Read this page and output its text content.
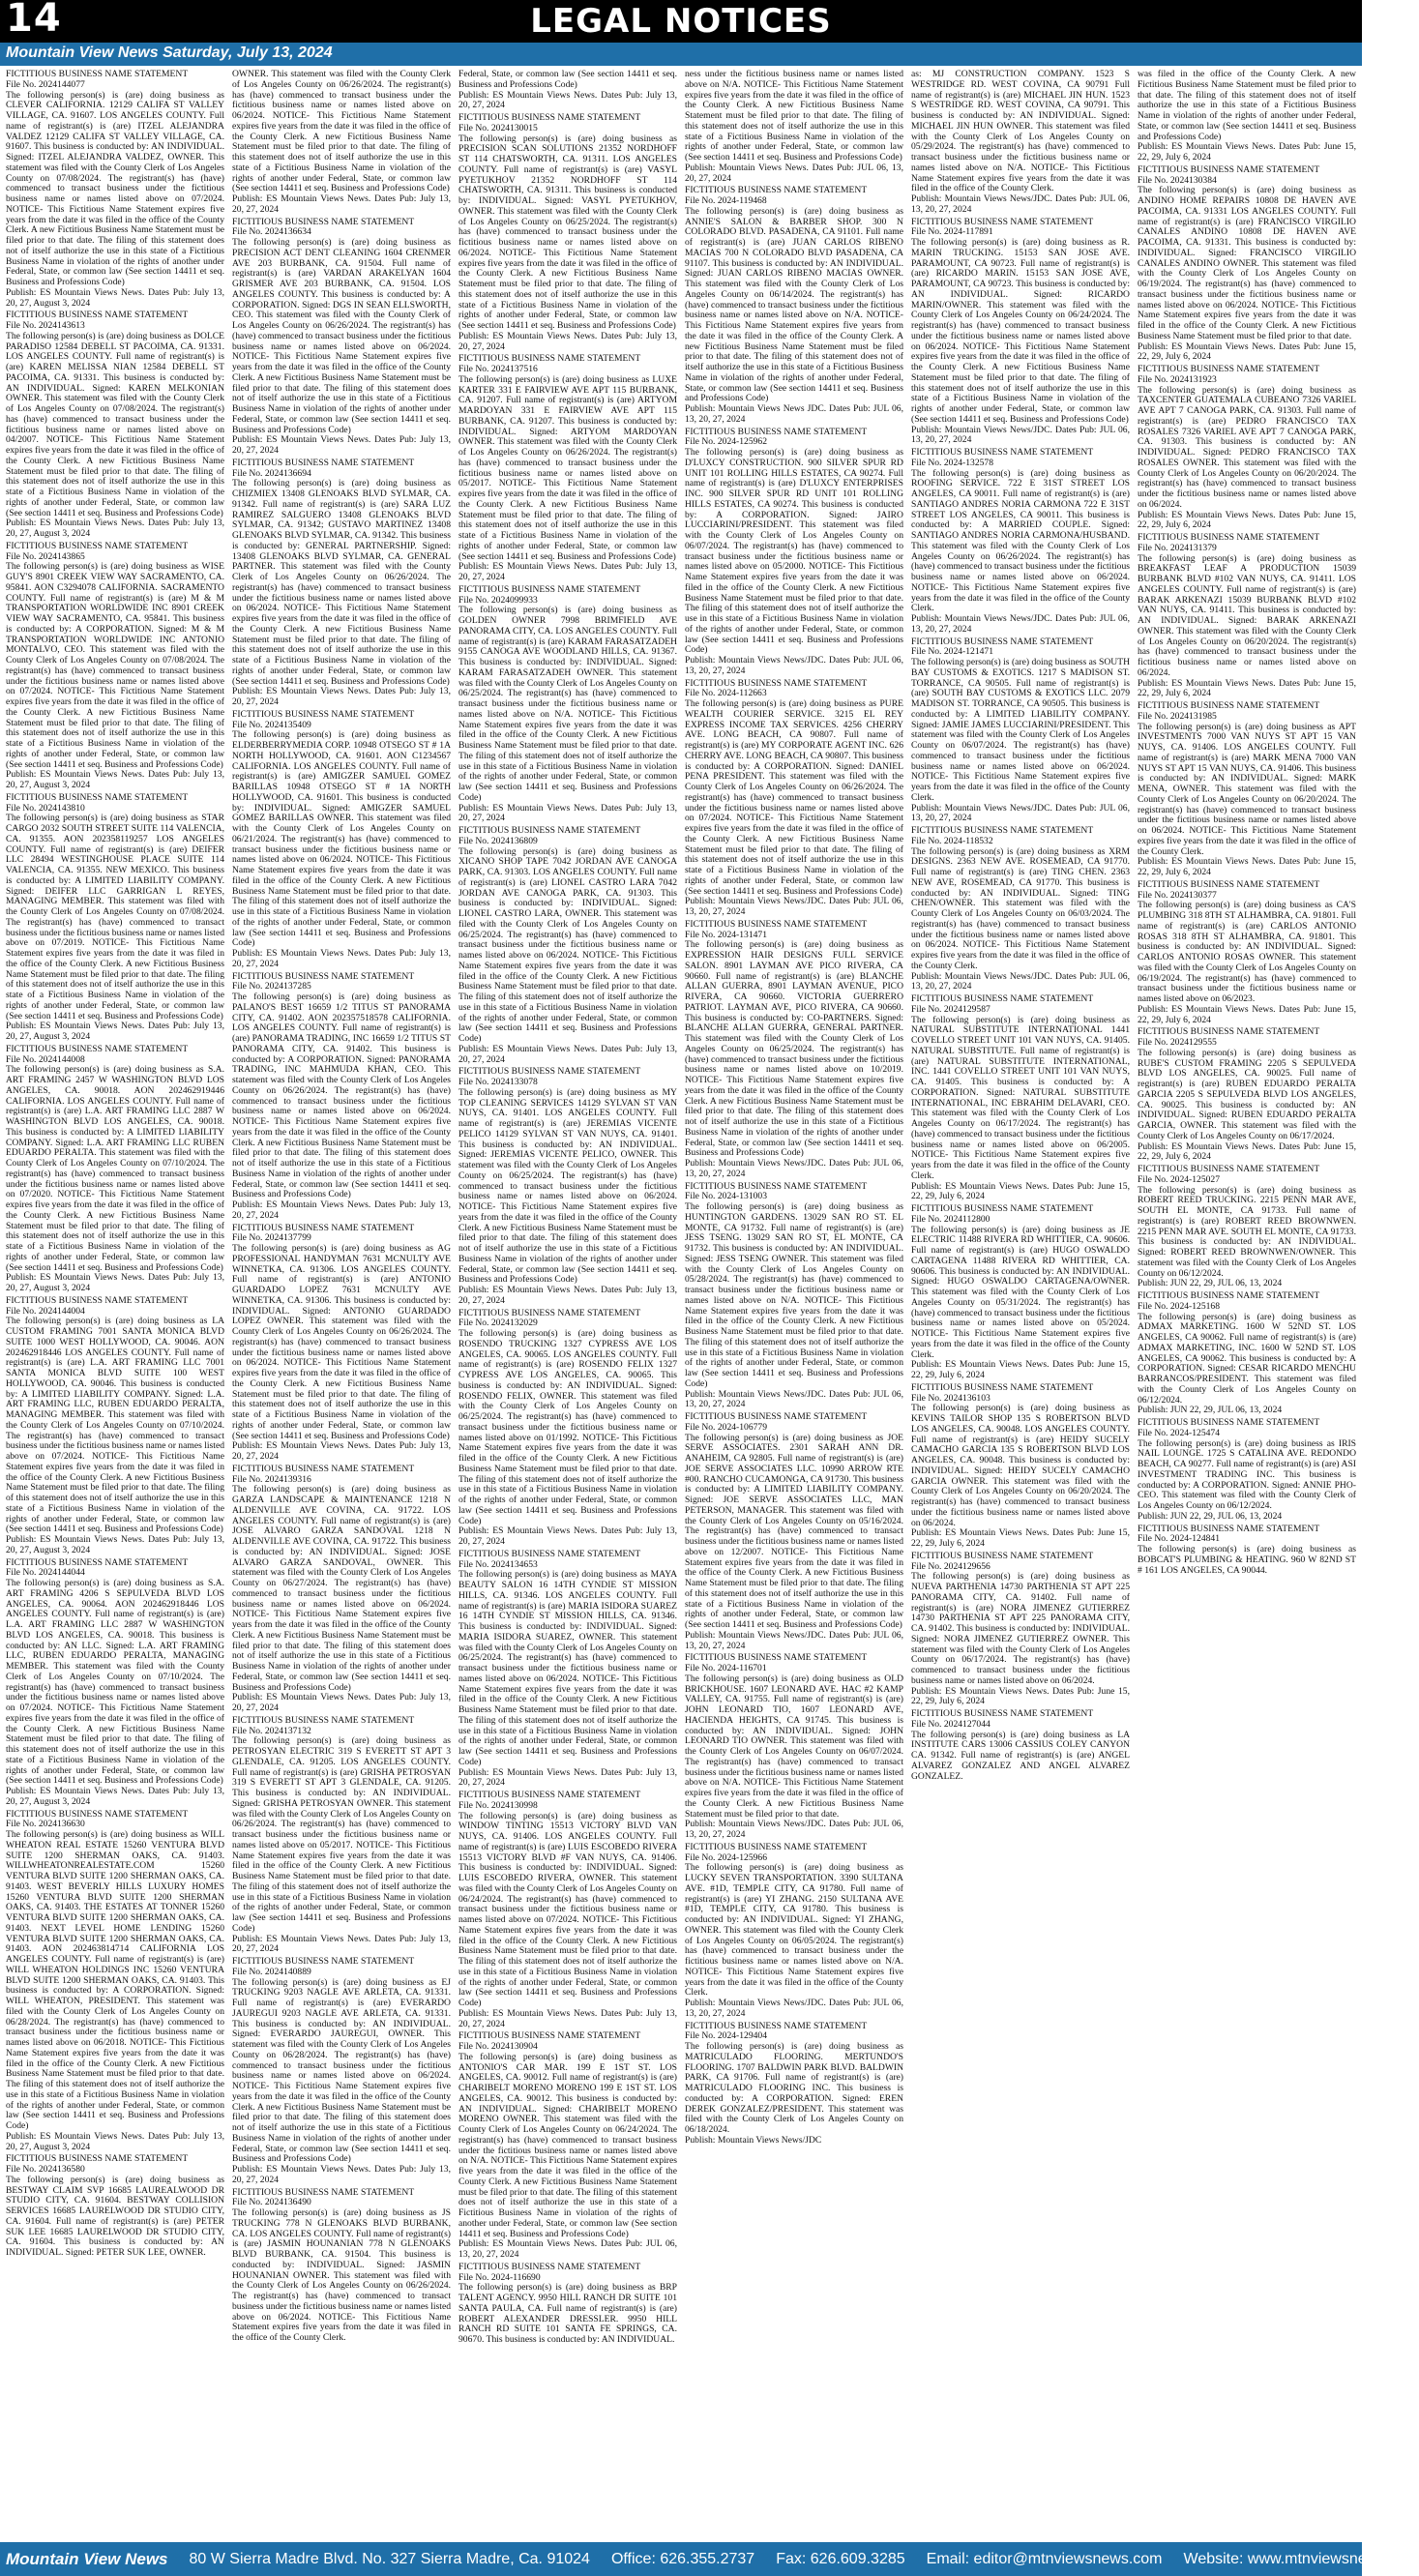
14	LEGAL NOTICES
Mountain View News Saturday, July 13, 2024

FICTITIOUS BUSINESS NAME STATEMENT

File No. 2024144077

The following person(s) is (are) doing business as CLEVER CALIFORNIA. 12129 CALIFA ST VALLEY VILLAGE, CA. 91607. LOS ANGELES COUNTY. Full name of registrant(s) is (are) ITZEL ALEJANDRA VALDEZ 12129 CALIFA ST VALLEY VILLAGE, CA. 91607. This business is conducted by: AN INDIVIDUAL. Signed: ITZEL ALEJANDRA VALDEZ, OWNER. This statement was filed with the County Clerk of Los Angeles County on 07/08/2024. The registrant(s) has (have) commenced to transact business under the fictitious business name or names listed above on 07/2024. NOTICE- This Fictitious Name Statement expires five years from the date it was filed in the office of the County Clerk. A new Fictitious Business Name Statement must be filed prior to that date. The filing of this statement does not of itself authorize the use in this state of a Fictitious Business Name in violation of the rights of another under Federal, State, or common law (See section 14411 et seq. Business and Professions Code)

Publish: ES Mountain Views News. Dates Pub: July 13, 20, 27, August 3, 2024

FICTITIOUS BUSINESS NAME STATEMENT

File No. 2024143613

The following person(s) is (are) doing business as DOLCE PARADISO 12584 DEBELL ST PACOIMA, CA. 91331. LOS ANGELES COUNTY. Full name of registrant(s) is (are) KAREN MELISSA NIAN 12584 DEBELL ST PACOIMA, CA. 91331. This business is conducted by: AN INDIVIDUAL. Signed: KAREN MELKONIAN OWNER. This statement was filed with the County Clerk of Los Angeles County on 07/08/2024. The registrant(s) has (have) commenced to transact business under the fictitious business name or names listed above on 04/2007. NOTICE- This Fictitious Name Statement expires five years from the date it was filed in the office of the County Clerk. A new Fictitious Business Name Statement must be filed prior to that date. The filing of this statement does not of itself authorize the use in this state of a Fictitious Business Name in violation of the rights of another under Federal, State, or common law (See section 14411 et seq. Business and Professions Code)

Publish: ES Mountain Views News. Dates Pub: July 13, 20, 27, August 3, 2024

FICTITIOUS BUSINESS NAME STATEMENT

File No. 2024143865

The following person(s) is (are) doing business as WISE GUY'S 8901 CREEK VIEW WAY SACRAMENTO, CA. 95841. AON C3294078 CALIFORNIA. SACRAMENTO COUNTY. Full name of registrant(s) is (are) M & M TRANSPORTATION WORLDWIDE INC 8901 CREEK VIEW WAY SACRAMENTO, CA. 95841. This business is conducted by: A CORPORATION. Signed: M & M TRANSPORTATION WORLDWIDE INC ANTONIO MONTALVO, CEO. This statement was filed with the County Clerk of Los Angeles County on 07/08/2024. The registrant(s) has (have) commenced to transact business under the fictitious business name or names listed above on 07/2024. NOTICE- This Fictitious Name Statement expires five years from the date it was filed in the office of the County Clerk. A new Fictitious Business Name Statement must be filed prior to that date. The filing of this statement does not of itself authorize the use in this state of a Fictitious Business Name in violation of the rights of another under Federal, State, or common law (See section 14411 et seq. Business and Professions Code)

Publish: ES Mountain Views News. Dates Pub: July 13, 20, 27, August 3, 2024

FICTITIOUS BUSINESS NAME STATEMENT

File No. 2024143810

The following person(s) is (are) doing business as STAR CARGO 2032 SOUTH STREET SUITE 114 VALENCIA, CA. 91355. AON 202358119257 LOS ANGELES COUNTY. Full name of registrant(s) is (are) DEIFER LLC 28494 WESTINGHOUSE PLACE SUITE 114 VALENCIA, CA. 91355. NEW MEXICO. This business is conducted by: A LIMITED LIABILITY COMPANY. Signed: DEIFER LLC GARRIGAN L REYES, MANAGING MEMBER. This statement was filed with the County Clerk of Los Angeles County on 07/08/2024. The registrant(s) has (have) commenced to transact business under the fictitious business name or names listed above on 07/2019. NOTICE- This Fictitious Name Statement expires five years from the date it was filed in the office of the County Clerk. A new Fictitious Business Name Statement must be filed prior to that date. The filing of this statement does not of itself authorize the use in this state of a Fictitious Business Name in violation of the rights of another under Federal, State, or common law (See section 14411 et seq. Business and Professions Code)

Publish: ES Mountain Views News. Dates Pub: July 13, 20, 27, August 3, 2024

FICTITIOUS BUSINESS NAME STATEMENT

File No. 2024144008

The following person(s) is (are) doing business as S.A. ART FRAMING 2457 W WASHINGTON BLVD LOS ANGELES, CA. 90018. AON 202462919446 CALIFORNIA. LOS ANGELES COUNTY. Full name of registrant(s) is (are) L.A. ART FRAMING LLC 2887 W WASHINGTON BLVD LOS ANGELES, CA. 90018. This business is conducted by: A LIMITED LIABILITY COMPANY. Signed: L.A. ART FRAMING LLC RUBEN EDUARDO PERALTA. This statement was filed with the County Clerk of Los Angeles County on 07/10/2024. The registrant(s) has (have) commenced to transact business under the fictitious business name or names listed above on 07/2020. NOTICE- This Fictitious Name Statement expires five years from the date it was filed in the office of the County Clerk. A new Fictitious Business Name Statement must be filed prior to that date. The filing of this statement does not of itself authorize the use in this state of a Fictitious Business Name in violation of the rights of another under Federal, State, or common law (See section 14411 et seq. Business and Professions Code)

Publish: ES Mountain Views News. Dates Pub: July 13, 20, 27, August 3, 2024

FICTITIOUS BUSINESS NAME STATEMENT

File No. 2024144004

The following person(s) is (are) doing business as LA CUSTOM FRAMING 7001 SANTA MONICA BLVD SUITE 1000 WEST HOLLYWOOD, CA. 90046. AON 202462918446 LOS ANGELES COUNTY. Full name of registrant(s) is (are) L.A. ART FRAMING LLC 7001 SANTA MONICA BLVD SUITE 100 WEST HOLLYWOOD, CA. 90046. This business is conducted by: A LIMITED LIABILITY COMPANY. Signed: L.A. ART FRAMING LLC, RUBEN EDUARDO PERALTA, MANAGING MEMBER. This statement was filed with the County Clerk of Los Angeles County on 07/10/2024. The registrant(s) has (have) commenced to transact business under the fictitious business name or names listed above on 07/2024. NOTICE- This Fictitious Name Statement expires five years from the date it was filed in the office of the County Clerk. A new Fictitious Business Name Statement must be filed prior to that date. The filing of this statement does not of itself authorize the use in this state of a Fictitious Business Name in violation of the rights of another under Federal, State, or common law (See section 14411 et seq. Business and Professions Code)

Publish: ES Mountain Views News. Dates Pub: July 13, 20, 27, August 3, 2024

FICTITIOUS BUSINESS NAME STATEMENT

File No. 2024144044

The following person(s) is (are) doing business as S.A. ART FRAMING 4206 S SEPULVEDA BLVD LOS ANGELES, CA. 90064. AON 202462918446 LOS ANGELES COUNTY. Full name of registrant(s) is (are) L.A. ART FRAMING LLC 2887 W WASHINGTON BLVD LOS ANGELES, CA. 90018. This business is conducted by: AN LLC. Signed: L.A. ART FRAMING LLC, RUBEN EDUARDO PERALTA, MANAGING MEMBER. This statement was filed with the County Clerk of Los Angeles County on 07/10/2024. The registrant(s) has (have) commenced to transact business under the fictitious business name or names listed above on 07/2024. NOTICE- This Fictitious Name Statement expires five years from the date it was filed in the office of the County Clerk. A new Fictitious Business Name Statement must be filed prior to that date. The filing of this statement does not of itself authorize the use in this state of a Fictitious Business Name in violation of the rights of another under Federal, State, or common law (See section 14411 et seq. Business and Professions Code)

Publish: ES Mountain Views News. Dates Pub: July 13, 20, 27, August 3, 2024

FICTITIOUS BUSINESS NAME STATEMENT

File No. 2024136630

The following person(s) is (are) doing business as WILL WHEATON REAL ESTATE 15260 VENTURA BLVD SUITE 1200 SHERMAN OAKS, CA. 91403. WILLWHEATONREALESTATE.COM 15260 VENTURA BLVD SUITE 1200 SHERMAN OAKS, CA. 91403. WEST BEVERLY HILLS LUXURY HOMES 15260 VENTURA BLVD SUITE 1200 SHERMAN OAKS, CA. 91403. THE ESTATES AT TONNER 15260 VENTURA BLVD SUITE 1200 SHERMAN OAKS, CA. 91403. NEXT LEVEL HOME LENDING 15260 VENTURA BLVD SUITE 1200 SHERMAN OAKS, CA. 91403. AON 202463814714 CALIFORNIA LOS ANGELES COUNTY. Full name of registrant(s) is (are) WILL WHEATON HOLDINGS INC 15260 VENTURA BLVD SUITE 1200 SHERMAN OAKS, CA. 91403. This business is conducted by: A CORPORATION. Signed: WILL WHEATON, PRESIDENT. This statement was filed with the County Clerk of Los Angeles County on 06/28/2024. The registrant(s) has (have) commenced to transact business under the fictitious business name or names listed above on 06/2018. NOTICE- This Fictitious Name Statement expires five years from the date it was filed in the office of the County Clerk. A new Fictitious Business Name Statement must be filed prior to that date. The filing of this statement does not of itself authorize the use in this state of a Fictitious Business Name in violation of the rights of another under Federal, State, or common law (See section 14411 et seq. Business and Professions Code)

Publish: ES Mountain Views News. Dates Pub: July 13, 20, 27, August 3, 2024

FICTITIOUS BUSINESS NAME STATEMENT

File No. 2024136580

The following person(s) is (are) doing business as BESTWAY CLAIM SVP 16685 LAUREALWOOD DR STUDIO CITY, CA. 91604. BESTWAY COLLISION SERVICES 16685 LAURELWOOD DR STUDIO CITY, CA. 91604. Full name of registrant(s) is (are) PETER SUK LEE 16685 LAURELWOOD DR STUDIO CITY, CA. 91604. This business is conducted by: AN INDIVIDUAL. Signed: PETER SUK LEE, OWNER.

OWNER. This statement was filed with the County Clerk of Los Angeles County on 06/26/2024. The registrant(s) has (have) commenced to transact business under the fictitious business name or names listed above on 06/2024. NOTICE- This Fictitious Name Statement expires five years from the date it was filed in the office of the County Clerk. A new Fictitious Business Name Statement must be filed prior to that date. The filing of this statement does not of itself authorize the use in this state of a Fictitious Business Name in violation of the rights of another under Federal, State, or common law (See section 14411 et seq. Business and Professions Code)

Publish: ES Mountain Views News. Dates Pub: July 13, 20, 27, 2024

FICTITIOUS BUSINESS NAME STATEMENT

File No. 2024136634

The following person(s) is (are) doing business as PRECISION ACT DENT CLEANING 1604 CRENMER AVE 203 BURBANK, CA. 91504. Full name of registrant(s) is (are) VARDAN ARAKELYAN 1604 GRISMER AVE 203 BURBANK, CA. 91504. LOS ANGELES COUNTY. This business is conducted by: A CORPORATION. Signed: DGS IN SEAN ELLSWORTH, CEO. This statement was filed with the County Clerk of Los Angeles County on 06/26/2024. The registrant(s) has (have) commenced to transact business under the fictitious business name or names listed above on 06/2024. NOTICE- This Fictitious Name Statement expires five years from the date it was filed in the office of the County Clerk. A new Fictitious Business Name Statement must be filed prior to that date. The filing of this statement does not of itself authorize the use in this state of a Fictitious Business Name in violation of the rights of another under Federal, State, or common law (See section 14411 et seq. Business and Professions Code)

Publish: ES Mountain Views News. Dates Pub: July 13, 20, 27, 2024

FICTITIOUS BUSINESS NAME STATEMENT

File No. 2024136694

The following person(s) is (are) doing business as CHIZMIEX 13408 GLENOAKS BLVD SYLMAR, CA. 91342. Full name of registrant(s) is (are) SARA LUZ RAMIREZ SALGUERO 13408 GLENOAKS BLVD SYLMAR, CA. 91342; GUSTAVO MARTINEZ 13408 GLENOAKS BLVD SYLMAR, CA. 91342. This business is conducted by: GENERAL PARTNERSHIP. Signed: 13408 GLENOAKS BLVD SYLMAR, CA. GENERAL PARTNER. This statement was filed with the County Clerk of Los Angeles County on 06/26/2024. The registrant(s) has (have) commenced to transact business under the fictitious business name or names listed above on 06/2024. NOTICE- This Fictitious Name Statement expires five years from the date it was filed in the office of the County Clerk. A new Fictitious Business Name Statement must be filed prior to that date. The filing of this statement does not of itself authorize the use in this state of a Fictitious Business Name in violation of the rights of another under Federal, State, or common law (See section 14411 et seq. Business and Professions Code)

Publish: ES Mountain Views News. Dates Pub: July 13, 20, 27, 2024

FICTITIOUS BUSINESS NAME STATEMENT

File No. 2024135409

The following person(s) is (are) doing business as ELDERBERRYMEDIA CORP. 10948 OTSEGO ST # 1A NORTH HOLLYWOOD, CA. 91601. AON C1234567 CALIFORNIA. LOS ANGELES COUNTY. Full name of registrant(s) is (are) AMIGZER SAMUEL GOMEZ BARILLAS 10948 OTSEGO ST # 1A NORTH HOLLYWOOD, CA. 91601. This business is conducted by: INDIVIDUAL. Signed: AMIGZER SAMUEL GOMEZ BARILLAS OWNER. This statement was filed with the County Clerk of Los Angeles County on 06/21/2024. The registrant(s) has (have) commenced to transact business under the fictitious business name or names listed above on 06/2024. NOTICE- This Fictitious Name Statement expires five years from the date it was filed in the office of the County Clerk. A new Fictitious Business Name Statement must be filed prior to that date. The filing of this statement does not of itself authorize the use in this state of a Fictitious Business Name in violation of the rights of another under Federal, State, or common law (See section 14411 et seq. Business and Professions Code)

Publish: ES Mountain Views News. Dates Pub: July 13, 20, 27, 2024

FICTITIOUS BUSINESS NAME STATEMENT

File No. 2024137285

The following person(s) is (are) doing business as PALANO'S BEST 16659 1/2 TITUS ST PANORAMA CITY, CA. 91402. AON 202357518578 CALIFORNIA. LOS ANGELES COUNTY. Full name of registrant(s) is (are) PANORAMA TRADING, INC 16659 1/2 TITUS ST PANORAMA CITY, CA. 91402. This business is conducted by: A CORPORATION. Signed: PANORAMA TRADING, INC MAHMUDA KHAN, CEO. This statement was filed with the County Clerk of Los Angeles County on 06/26/2024. The registrant(s) has (have) commenced to transact business under the fictitious business name or names listed above on 06/2024. NOTICE- This Fictitious Name Statement expires five years from the date it was filed in the office of the County Clerk. A new Fictitious Business Name Statement must be filed prior to that date. The filing of this statement does not of itself authorize the use in this state of a Fictitious Business Name in violation of the rights of another under Federal, State, or common law (See section 14411 et seq. Business and Professions Code)

Publish: ES Mountain Views News. Dates Pub: July 13, 20, 27, 2024

FICTITIOUS BUSINESS NAME STATEMENT

File No. 2024137799

The following person(s) is (are) doing business as AG PROFESSIONAL HANDYMAN 7631 MCNULTY AVE WINNETKA, CA. 91306. LOS ANGELES COUNTY. Full name of registrant(s) is (are) ANTONIO GUARDADO LOPEZ 7631 MCNULTY AVE WINNETKA, CA. 91306. This business is conducted by: INDIVIDUAL. Signed: ANTONIO GUARDADO LOPEZ OWNER. This statement was filed with the County Clerk of Los Angeles County on 06/26/2024. The registrant(s) has (have) commenced to transact business under the fictitious business name or names listed above on 06/2024. NOTICE- This Fictitious Name Statement expires five years from the date it was filed in the office of the County Clerk. A new Fictitious Business Name Statement must be filed prior to that date. The filing of this statement does not of itself authorize the use in this state of a Fictitious Business Name in violation of the rights of another under Federal, State, or common law (See section 14411 et seq. Business and Professions Code)

Publish: ES Mountain Views News. Dates Pub: July 13, 20, 27, 2024

FICTITIOUS BUSINESS NAME STATEMENT

File No. 2024139316

The following person(s) is (are) doing business as GARZA LANDSCAPE & MAINTENANCE 1218 N ALDENVILLE AVE COVINA, CA. 91722. LOS ANGELES COUNTY. Full name of registrant(s) is (are) JOSE ALVARO GARZA SANDOVAL 1218 N ALDENVILLE AVE COVINA, CA. 91722. This business is conducted by: AN INDIVIDUAL. Signed: JOSE ALVARO GARZA SANDOVAL, OWNER. This statement was filed with the County Clerk of Los Angeles County on 06/27/2024. The registrant(s) has (have) commenced to transact business under the fictitious business name or names listed above on 06/2024. NOTICE- This Fictitious Name Statement expires five years from the date it was filed in the office of the County Clerk. A new Fictitious Business Name Statement must be filed prior to that date. The filing of this statement does not of itself authorize the use in this state of a Fictitious Business Name in violation of the rights of another under Federal, State, or common law (See section 14411 et seq. Business and Professions Code)

Publish: ES Mountain Views News. Dates Pub: July 13, 20, 27, 2024

FICTITIOUS BUSINESS NAME STATEMENT

File No. 2024137132

The following person(s) is (are) doing business as PETROSYAN ELECTRIC 319 S EVERETT ST APT 3 GLENDALE, CA. 91205. LOS ANGELES COUNTY. Full name of registrant(s) is (are) GRISHA PETROSYAN 319 S EVERETT ST APT 3 GLENDALE, CA. 91205. This business is conducted by: AN INDIVIDUAL. Signed: GRISHA PETROSYAN OWNER. This statement was filed with the County Clerk of Los Angeles County on 06/26/2024. The registrant(s) has (have) commenced to transact business under the fictitious business name or names listed above on 05/2017. NOTICE- This Fictitious Name Statement expires five years from the date it was filed in the office of the County Clerk. A new Fictitious Business Name Statement must be filed prior to that date. The filing of this statement does not of itself authorize the use in this state of a Fictitious Business Name in violation of the rights of another under Federal, State, or common law (See section 14411 et seq. Business and Professions Code)

Publish: ES Mountain Views News. Dates Pub: July 13, 20, 27, 2024

FICTITIOUS BUSINESS NAME STATEMENT

File No. 2024140889

The following person(s) is (are) doing business as EJ TRUCKING 9203 NAGLE AVE ARLETA, CA. 91331. Full name of registrant(s) is (are) EVERARDO JAUREGUI 9203 NAGLE AVE ARLETA, CA. 91331. This business is conducted by: AN INDIVIDUAL. Signed: EVERARDO JAUREGUI, OWNER. This statement was filed with the County Clerk of Los Angeles County on 06/28/2024. The registrant(s) has (have) commenced to transact business under the fictitious business name or names listed above on 06/2024. NOTICE- This Fictitious Name Statement expires five years from the date it was filed in the office of the County Clerk. A new Fictitious Business Name Statement must be filed prior to that date. The filing of this statement does not of itself authorize the use in this state of a Fictitious Business Name in violation of the rights of another under Federal, State, or common law (See section 14411 et seq. Business and Professions Code)

Publish: ES Mountain Views News. Dates Pub: July 13, 20, 27, 2024

FICTITIOUS BUSINESS NAME STATEMENT

File No. 2024136490

The following person(s) is (are) doing business as JS TRUCKING 778 N GLENOAKS BLVD BURBANK, CA. LOS ANGELES COUNTY. Full name of registrant(s) is (are) JASMIN HOUNANIAN 778 N GLENOAKS BLVD BURBANK, CA. 91504. This business is conducted by: INDIVIDUAL. Signed: JASMIN HOUNANIAN OWNER. This statement was filed with the County Clerk of Los Angeles County on 06/26/2024. The registrant(s) has (have) commenced to transact business under the fictitious business name or names listed above on 06/2024. NOTICE- This Fictitious Name Statement expires five years from the date it was filed in the office of the County Clerk.

Federal, State, or common law (See section 14411 et seq. Business and Professions Code)

Publish: ES Mountain Views News. Dates Pub: July 13, 20, 27, 2024

FICTITIOUS BUSINESS NAME STATEMENT

File No. 2024130015

The following person(s) is (are) doing business as PRECISION SCAN SOLUTIONS 21352 NORDHOFF ST 114 CHATSWORTH, CA. 91311. LOS ANGELES COUNTY. Full name of registrant(s) is (are) VASYL PYETUKHOV 21352 NORDHOFF ST 114 CHATSWORTH, CA. 91311. This business is conducted by: INDIVIDUAL. Signed: VASYL PYETUKHOV, OWNER. This statement was filed with the County Clerk of Los Angeles County on 06/25/2024. The registrant(s) has (have) commenced to transact business under the fictitious business name or names listed above on 06/2024. NOTICE- This Fictitious Name Statement expires five years from the date it was filed in the office of the County Clerk. A new Fictitious Business Name Statement must be filed prior to that date. The filing of this statement does not of itself authorize the use in this state of a Fictitious Business Name in violation of the rights of another under Federal, State, or common law (See section 14411 et seq. Business and Professions Code)

Publish: ES Mountain Views News. Dates Pub: July 13, 20, 27, 2024

FICTITIOUS BUSINESS NAME STATEMENT

File No. 2024137516

The following person(s) is (are) doing business as LUXE KARTER 331 E FAIRVIEW AVE APT 115 BURBANK, CA. 91207. Full name of registrant(s) is (are) ARTYOM MARDOYAN 331 E FAIRVIEW AVE APT 115 BURBANK, CA. 91207. This business is conducted by: INDIVIDUAL. Signed: ARTYOM MARDOYAN OWNER. This statement was filed with the County Clerk of Los Angeles County on 06/26/2024. The registrant(s) has (have) commenced to transact business under the fictitious business name or names listed above on 05/2017. NOTICE- This Fictitious Name Statement expires five years from the date it was filed in the office of the County Clerk. A new Fictitious Business Name Statement must be filed prior to that date. The filing of this statement does not of itself authorize the use in this state of a Fictitious Business Name in violation of the rights of another under Federal, State, or common law (See section 14411 et seq. Business and Professions Code)

Publish: ES Mountain Views News. Dates Pub: July 13, 20, 27, 2024

FICTITIOUS BUSINESS NAME STATEMENT

File No. 2024099933

The following person(s) is (are) doing business as GOLDEN OWNER 7998 BRIMFIELD AVE PANORAMA CITY, CA. LOS ANGELES COUNTY. Full name of registrant(s) is (are) KARAM FARASATZADEH 9155 CANOGA AVE WOODLAND HILLS, CA. 91367. This business is conducted by: INDIVIDUAL. Signed: KARAM FARASATZADEH OWNER. This statement was filed with the County Clerk of Los Angeles County on 06/25/2024. The registrant(s) has (have) commenced to transact business under the fictitious business name or names listed above on N/A. NOTICE- This Fictitious Name Statement expires five years from the date it was filed in the office of the County Clerk. A new Fictitious Business Name Statement must be filed prior to that date. The filing of this statement does not of itself authorize the use in this state of a Fictitious Business Name in violation of the rights of another under Federal, State, or common law (See section 14411 et seq. Business and Professions Code)

Publish: ES Mountain Views News. Dates Pub: July 13, 20, 27, 2024

FICTITIOUS BUSINESS NAME STATEMENT

File No. 2024136809

The following person(s) is (are) doing business as XICANO SHOP TAPE 7042 JORDAN AVE CANOGA PARK, CA. 91303. LOS ANGELES COUNTY. Full name of registrant(s) is (are) LIONEL CASTRO LARA 7042 JORDAN AVE CANOGA PARK, CA. 91303. This business is conducted by: INDIVIDUAL. Signed: LIONEL CASTRO LARA, OWNER. This statement was filed with the County Clerk of Los Angeles County on 06/25/2024. The registrant(s) has (have) commenced to transact business under the fictitious business name or names listed above on 06/2024. NOTICE- This Fictitious Name Statement expires five years from the date it was filed in the office of the County Clerk. A new Fictitious Business Name Statement must be filed prior to that date. The filing of this statement does not of itself authorize the use in this state of a Fictitious Business Name in violation of the rights of another under Federal, State, or common law (See section 14411 et seq. Business and Professions Code)

Publish: ES Mountain Views News. Dates Pub: July 13, 20, 27, 2024

FICTITIOUS BUSINESS NAME STATEMENT

File No. 2024133078

The following person(s) is (are) doing business as MY TOP CLEANING SERVICES 14129 SYLVAN ST VAN NUYS, CA. 91401. LOS ANGELES COUNTY. Full name of registrant(s) is (are) JEREMIAS VICENTE PELICO 14129 SYLVAN ST VAN NUYS, CA. 91401. This business is conducted by: AN INDIVIDUAL. Signed: JEREMIAS VICENTE PELICO, OWNER. This statement was filed with the County Clerk of Los Angeles County on 06/25/2024. The registrant(s) has (have) commenced to transact business under the fictitious business name or names listed above on 06/2024. NOTICE- This Fictitious Name Statement expires five years from the date it was filed in the office of the County Clerk. A new Fictitious Business Name Statement must be filed prior to that date. The filing of this statement does not of itself authorize the use in this state of a Fictitious Business Name in violation of the rights of another under Federal, State, or common law (See section 14411 et seq. Business and Professions Code)

Publish: ES Mountain Views News. Dates Pub: July 13, 20, 27, 2024

FICTITIOUS BUSINESS NAME STATEMENT

File No. 2024132029

The following person(s) is (are) doing business as ROSENDO TRUCKING 1327 CYPRESS AVE LOS ANGELES, CA. 90065. LOS ANGELES COUNTY. Full name of registrant(s) is (are) ROSENDO FELIX 1327 CYPRESS AVE LOS ANGELES, CA. 90065. This business is conducted by: AN INDIVIDUAL. Signed: ROSENDO FELIX, OWNER. This statement was filed with the County Clerk of Los Angeles County on 06/25/2024. The registrant(s) has (have) commenced to transact business under the fictitious business name or names listed above on 01/1992. NOTICE- This Fictitious Name Statement expires five years from the date it was filed in the office of the County Clerk. A new Fictitious Business Name Statement must be filed prior to that date. The filing of this statement does not of itself authorize the use in this state of a Fictitious Business Name in violation of the rights of another under Federal, State, or common law (See section 14411 et seq. Business and Professions Code)

Publish: ES Mountain Views News. Dates Pub: July 13, 20, 27, 2024

FICTITIOUS BUSINESS NAME STATEMENT

File No. 2024134653

The following person(s) is (are) doing business as MAYA BEAUTY SALON 16 14TH CYNDIE ST MISSION HILLS, CA. 91346. LOS ANGELES COUNTY. Full name of registrant(s) is (are) MARIA ISIDORA SUAREZ 16 14TH CYNDIE ST MISSION HILLS, CA. 91346. This business is conducted by: INDIVIDUAL. Signed: MARIA ISIDORA SUAREZ, OWNER. This statement was filed with the County Clerk of Los Angeles County on 06/25/2024. The registrant(s) has (have) commenced to transact business under the fictitious business name or names listed above on 06/2024. NOTICE- This Fictitious Name Statement expires five years from the date it was filed in the office of the County Clerk. A new Fictitious Business Name Statement must be filed prior to that date. The filing of this statement does not of itself authorize the use in this state of a Fictitious Business Name in violation of the rights of another under Federal, State, or common law (See section 14411 et seq. Business and Professions Code)

Publish: ES Mountain Views News. Dates Pub: July 13, 20, 27, 2024

FICTITIOUS BUSINESS NAME STATEMENT

File No. 2024130998

The following person(s) is (are) doing business as WINDOW TINTING 15513 VICTORY BLVD VAN NUYS, CA. 91406. LOS ANGELES COUNTY. Full name of registrant(s) is (are) LUIS ESCOBEDO RIVERA 15513 VICTORY BLVD #F VAN NUYS, CA. 91406. This business is conducted by: INDIVIDUAL. Signed: LUIS ESCOBEDO RIVERA, OWNER. This statement was filed with the County Clerk of Los Angeles County on 06/24/2024. The registrant(s) has (have) commenced to transact business under the fictitious business name or names listed above on 07/2024. NOTICE- This Fictitious Name Statement expires five years from the date it was filed in the office of the County Clerk. A new Fictitious Business Name Statement must be filed prior to that date. The filing of this statement does not of itself authorize the use in this state of a Fictitious Business Name in violation of the rights of another under Federal, State, or common law (See section 14411 et seq. Business and Professions Code)

Publish: ES Mountain Views News. Dates Pub: July 13, 20, 27, 2024

FICTITIOUS BUSINESS NAME STATEMENT

File No. 2024130904

The following person(s) is (are) doing business as ANTONIO'S CAR MAR. 199 E 1ST ST. LOS ANGELES, CA. 90012. Full name of registrant(s) is (are) CHARIBELT MORENO MORENO 199 E 1ST ST. LOS ANGELES, CA. 90012. This business is conducted by: AN INDIVIDUAL. Signed: CHARIBELT MORENO MORENO OWNER. This statement was filed with the County Clerk of Los Angeles County on 06/24/2024. The registrant(s) has (have) commenced to transact business under the fictitious business name or names listed above on N/A. NOTICE- This Fictitious Name Statement expires five years from the date it was filed in the office of the County Clerk. A new Fictitious Business Name Statement must be filed prior to that date. The filing of this statement does not of itself authorize the use in this state of a Fictitious Business Name in violation of the rights of another under Federal, State, or common law (See section 14411 et seq. Business and Professions Code)

Publish: ES Mountain Views News. Dates Pub: JUL 06, 13, 20, 27, 2024

FICTITIOUS BUSINESS NAME STATEMENT

File No. 2024-116690

The following person(s) is (are) doing business as BRP TALENT AGENCY. 9950 HILL RANCH DR SUITE 101 SANTA PAULA, CA. Full name of registrant(s) is (are) ROBERT ALEXANDER DRESSLER. 9950 HILL RANCH RD SUITE 101 SANTA FE SPRINGS, CA. 90670. This business is conducted by: AN INDIVIDUAL.

ness under the fictitious business name or names listed above on N/A. NOTICE- This Fictitious Name Statement expires five years from the date it was filed in the office of the County Clerk. A new Fictitious Business Name Statement must be filed prior to that date. The filing of this statement does not of itself authorize the use in this state of a Fictitious Business Name in violation of the rights of another under Federal, State, or common law (See section 14411 et seq. Business and Professions Code)

Publish: Mountain Views News. Dates Pub: JUL 06, 13, 20, 27, 2024

FICTITIOUS BUSINESS NAME STATEMENT

File No. 2024-119468

The following person(s) is (are) doing business as ANNIE'S SALON & BARBER SHOP. 300 N COLORADO BLVD. PASADENA, CA 91101. Full name of registrant(s) is (are) JUAN CARLOS RIBENO MACIAS 700 N COLORADO BLVD PASADENA, CA 91107. This business is conducted by: AN INDIVIDUAL. Signed: JUAN CARLOS RIBENO MACIAS OWNER. This statement was filed with the County Clerk of Los Angeles County on 06/14/2024. The registrant(s) has (have) commenced to transact business under the fictitious business name or names listed above on N/A. NOTICE- This Fictitious Name Statement expires five years from the date it was filed in the office of the County Clerk. A new Fictitious Business Name Statement must be filed prior to that date. The filing of this statement does not of itself authorize the use in this state of a Fictitious Business Name in violation of the rights of another under Federal, State, or common law (See section 14411 et seq. Business and Professions Code)

Publish: Mountain Views News JDC. Dates Pub: JUL 06, 13, 20, 27, 2024

FICTITIOUS BUSINESS NAME STATEMENT

File No. 2024-125962

The following person(s) is (are) doing business as D'LUXCY CONSTRUCTION. 900 SILVER SPUR RD UNIT 101 ROLLING HILLS ESTATES, CA 90274. Full name of registrant(s) is (are) D'LUXCY ENTERPRISES INC. 900 SILVER SPUR RD UNIT 101 ROLLING HILLS ESTATES, CA 90274. This business is conducted by: A CORPORATION. Signed: JAIRO LUCCIARINI/PRESIDENT. This statement was filed with the County Clerk of Los Angeles County on 06/07/2024. The registrant(s) has (have) commenced to transact business under the fictitious business name or names listed above on 05/2000. NOTICE- This Fictitious Name Statement expires five years from the date it was filed in the office of the County Clerk. A new Fictitious Business Name Statement must be filed prior to that date. The filing of this statement does not of itself authorize the use in this state of a Fictitious Business Name in violation of the rights of another under Federal, State, or common law (See section 14411 et seq. Business and Professions Code)

Publish: Mountain Views News/JDC. Dates Pub: JUL 06, 13, 20, 27, 2024

FICTITIOUS BUSINESS NAME STATEMENT

File No. 2024-112663

The following person(s) is (are) doing business as PURE WEALTH COURIER SERVICE. 3215 EL REY EXPRESS INCOME TAX SERVICES. 4256 CHERRY AVE. LONG BEACH, CA 90807. Full name of registrant(s) is (are) MY CORPORATE AGENT INC. 626 CHERRY AVE. LONG BEACH, CA 90807. This business is conducted by: A CORPORATION. Signed: DANIEL PENA PRESIDENT. This statement was filed with the County Clerk of Los Angeles County on 06/26/2024. The registrant(s) has (have) commenced to transact business under the fictitious business name or names listed above on 07/2024. NOTICE- This Fictitious Name Statement expires five years from the date it was filed in the office of the County Clerk. A new Fictitious Business Name Statement must be filed prior to that date. The filing of this statement does not of itself authorize the use in this state of a Fictitious Business Name in violation of the rights of another under Federal, State, or common law (See section 14411 et seq. Business and Professions Code)

Publish: Mountain Views News/JDC. Dates Pub: JUL 06, 13, 20, 27, 2024

FICTITIOUS BUSINESS NAME STATEMENT

File No. 2024-131471

The following person(s) is (are) doing business as EXPRESSION HAIR DESIGNS FULL SERVICE SALON. 8901 LAYMAN AVE PICO RIVERA, CA 90660. Full name of registrant(s) is (are) BLANCHE ALLAN GUERRA, 8901 LAYMAN AVENUE, PICO RIVERA, CA 90660. VICTORIA GUERRERO PATRIOT. LAYMAN AVE, PICO RIVERA, CA 90660. This business is conducted by: CO-PARTNERS. Signed: BLANCHE ALLAN GUERRA, GENERAL PARTNER. This statement was filed with the County Clerk of Los Angeles County on 06/25/2024. The registrant(s) has (have) commenced to transact business under the fictitious business name or names listed above on 10/2019. NOTICE- This Fictitious Name Statement expires five years from the date it was filed in the office of the County Clerk. A new Fictitious Business Name Statement must be filed prior to that date. The filing of this statement does not of itself authorize the use in this state of a Fictitious Business Name in violation of the rights of another under Federal, State, or common law (See section 14411 et seq. Business and Professions Code)

Publish: Mountain Views News/JDC. Dates Pub: JUL 06, 13, 20, 27, 2024

FICTITIOUS BUSINESS NAME STATEMENT

File No. 2024-131003

The following person(s) is (are) doing business as HUNTINGTON GARDENS. 13029 SAN RO ST. EL MONTE, CA 91732. Full name of registrant(s) is (are) JESS TSENG. 13029 SAN RO ST, EL MONTE, CA 91732. This business is conducted by: AN INDIVIDUAL. Signed: JESS TSENG OWNER. This statement was filed with the County Clerk of Los Angeles County on 05/28/2024. The registrant(s) has (have) commenced to transact business under the fictitious business name or names listed above on N/A. NOTICE- This Fictitious Name Statement expires five years from the date it was filed in the office of the County Clerk. A new Fictitious Business Name Statement must be filed prior to that date. The filing of this statement does not of itself authorize the use in this state of a Fictitious Business Name in violation of the rights of another under Federal, State, or common law (See section 14411 et seq. Business and Professions Code)

Publish: Mountain Views News/JDC. Dates Pub: JUL 06, 13, 20, 27, 2024

FICTITIOUS BUSINESS NAME STATEMENT

File No. 2024-106779

The following person(s) is (are) doing business as JOE SERVE ASSOCIATES. 2301 SARAH ANN DR. ANAHEIM, CA 92805. Full name of registrant(s) is (are) JOE SERVE ASSOCIATES LLC. 10990 ARROW RTE #00. RANCHO CUCAMONGA, CA 91730. This business is conducted by: A LIMITED LIABILITY COMPANY. Signed: JOE SERVE ASSOCIATES LLC, MAN PETERSON, MANAGER. This statement was filed with the County Clerk of Los Angeles County on 05/16/2024. The registrant(s) has (have) commenced to transact business under the fictitious business name or names listed above on 12/2007. NOTICE- This Fictitious Name Statement expires five years from the date it was filed in the office of the County Clerk. A new Fictitious Business Name Statement must be filed prior to that date. The filing of this statement does not of itself authorize the use in this state of a Fictitious Business Name in violation of the rights of another under Federal, State, or common law (See section 14411 et seq. Business and Professions Code)

Publish: Mountain Views News/JDC. Dates Pub: JUL 06, 13, 20, 27, 2024

FICTITIOUS BUSINESS NAME STATEMENT

File No. 2024-116701

The following person(s) is (are) doing business as OLD BRICKHOUSE. 1607 LEONARD AVE. HAC #2 KAMP VALLEY, CA. 91755. Full name of registrant(s) is (are) JOHN LEONARD TIO, 1607 LEONARD AVE, HACIENDA HEIGHTS, CA 91745. This business is conducted by: AN INDIVIDUAL. Signed: JOHN LEONARD TIO OWNER. This statement was filed with the County Clerk of Los Angeles County on 06/07/2024. The registrant(s) has (have) commenced to transact business under the fictitious business name or names listed above on N/A. NOTICE- This Fictitious Name Statement expires five years from the date it was filed in the office of the County Clerk. A new Fictitious Business Name Statement must be filed prior to that date.

Publish: Mountain Views News/JDC. Dates Pub: JUL 06, 13, 20, 27, 2024

FICTITIOUS BUSINESS NAME STATEMENT

File No. 2024-125966

The following person(s) is (are) doing business as LUCKY SEVEN TRANSPORTATION. 3390 SULTANA AVE. #1D, TEMPLE CITY, CA 91780. Full name of registrant(s) is (are) YI ZHANG. 2150 SULTANA AVE #1D, TEMPLE CITY, CA 91780. This business is conducted by: AN INDIVIDUAL. Signed: YI ZHANG, OWNER. This statement was filed with the County Clerk of Los Angeles County on 06/05/2024. The registrant(s) has (have) commenced to transact business under the fictitious business name or names listed above on N/A. NOTICE- This Fictitious Name Statement expires five years from the date it was filed in the office of the County Clerk.

Publish: Mountain Views News/JDC. Dates Pub: JUL 06, 13, 20, 27, 2024

FICTITIOUS BUSINESS NAME STATEMENT

File No. 2024-129404

The following person(s) is (are) doing business as MATRICULADO FLOORING. MERTUNDO'S FLOORING. 1707 BALDWIN PARK BLVD. BALDWIN PARK, CA 91706. Full name of registrant(s) is (are) MATRICULADO FLOORING INC. This business is conducted by: A CORPORATION. Signed: EREN DEREK GONZALEZ/PRESIDENT. This statement was filed with the County Clerk of Los Angeles County on 06/18/2024.

Publish: Mountain Views News/JDC

as: MJ CONSTRUCTION COMPANY. 1523 S WESTRIDGE RD. WEST COVINA, CA 90791 Full name of registrant(s) is (are) MICHAEL JIN HUN. 1523 S WESTRIDGE RD. WEST COVINA, CA 90791. This business is conducted by: AN INDIVIDUAL. Signed: MICHAEL JIN HUN OWNER. This statement was filed with the County Clerk of Los Angeles County on 05/29/2024. The registrant(s) has (have) commenced to transact business under the fictitious business name or names listed above on N/A. NOTICE- This Fictitious Name Statement expires five years from the date it was filed in the office of the County Clerk.

Publish: Mountain Views News/JDC. Dates Pub: JUL 06, 13, 20, 27, 2024

FICTITIOUS BUSINESS NAME STATEMENT

File No. 2024-117891

The following person(s) is (are) doing business as R. MARIN TRUCKING. 15153 SAN JOSE AVE. PARAMOUNT, CA 90723. Full name of registrant(s) is (are) RICARDO MARIN. 15153 SAN JOSE AVE, PARAMOUNT, CA 90723. This business is conducted by: AN INDIVIDUAL. Signed: RICARDO MARIN/OWNER. This statement was filed with the County Clerk of Los Angeles County on 06/24/2024. The registrant(s) has (have) commenced to transact business under the fictitious business name or names listed above on 06/2024. NOTICE- This Fictitious Name Statement expires five years from the date it was filed in the office of the County Clerk. A new Fictitious Business Name Statement must be filed prior to that date. The filing of this statement does not of itself authorize the use in this state of a Fictitious Business Name in violation of the rights of another under Federal, State, or common law (See section 14411 et seq. Business and Professions Code)

Publish: Mountain Views News/JDC. Dates Pub: JUL 06, 13, 20, 27, 2024

FICTITIOUS BUSINESS NAME STATEMENT

File No. 2024-132578

The following person(s) is (are) doing business as ROOFING SERVICE. 722 E 31ST STREET LOS ANGELES, CA 90011. Full name of registrant(s) is (are) SANTIAGO ANDRES NORIA CARMONA 722 E 31ST STREET LOS ANGELES, CA 90011. This business is conducted by: A MARRIED COUPLE. Signed: SANTIAGO ANDRES NORIA CARMONA/HUSBAND. This statement was filed with the County Clerk of Los Angeles County on 06/26/2024. The registrant(s) has (have) commenced to transact business under the fictitious business name or names listed above on 06/2024. NOTICE- This Fictitious Name Statement expires five years from the date it was filed in the office of the County Clerk.

Publish: Mountain Views News/JDC. Dates Pub: JUL 06, 13, 20, 27, 2024

FICTITIOUS BUSINESS NAME STATEMENT

File No. 2024-121471

The following person(s) is (are) doing business as SOUTH BAY CUSTOMS & EXOTICS. 1217 S MADISON ST. TORRANCE, CA 90505. Full name of registrant(s) is (are) SOUTH BAY CUSTOMS & EXOTICS LLC. 2079 MADISON ST. TORRANCE, CA 90505. This business is conducted by: A LIMITED LIABILITY COMPANY. Signed: JAMIE JAMES LUCCIARINI/PRESIDENT. This statement was filed with the County Clerk of Los Angeles County on 06/07/2024. The registrant(s) has (have) commenced to transact business under the fictitious business name or names listed above on 06/2024. NOTICE- This Fictitious Name Statement expires five years from the date it was filed in the office of the County Clerk.

Publish: Mountain Views News/JDC. Dates Pub: JUL 06, 13, 20, 27, 2024

FICTITIOUS BUSINESS NAME STATEMENT

File No. 2024-118532

The following person(s) is (are) doing business as XRM DESIGNS. 2363 NEW AVE. ROSEMEAD, CA 91770. Full name of registrant(s) is (are) TING CHEN. 2363 NEW AVE, ROSEMEAD, CA 91770. This business is conducted by: AN INDIVIDUAL. Signed: TING CHEN/OWNER. This statement was filed with the County Clerk of Los Angeles County on 06/03/2024. The registrant(s) has (have) commenced to transact business under the fictitious business name or names listed above on 06/2024. NOTICE- This Fictitious Name Statement expires five years from the date it was filed in the office of the County Clerk.

Publish: Mountain Views News/JDC. Dates Pub: JUL 06, 13, 20, 27, 2024

FICTITIOUS BUSINESS NAME STATEMENT

File No. 2024129587

The following person(s) is (are) doing business as NATURAL SUBSTITUTE INTERNATIONAL 1441 COVELLO STREET UNIT 101 VAN NUYS, CA. 91405. NATURAL SUBSTITUTE. Full name of registrant(s) is (are) NATURAL SUBSTITUTE INTERNATIONAL, INC. 1441 COVELLO STREET UNIT 101 VAN NUYS, CA. 91405. This business is conducted by: A CORPORATION. Signed: NATURAL SUBSTITUTE INTERNATIONAL, INC EBRAHIM DELAVARI, CEO. This statement was filed with the County Clerk of Los Angeles County on 06/17/2024. The registrant(s) has (have) commenced to transact business under the fictitious business name or names listed above on 06/2005. NOTICE- This Fictitious Name Statement expires five years from the date it was filed in the office of the County Clerk.

Publish: ES Mountain Views News. Dates Pub: June 15, 22, 29, July 6, 2024

FICTITIOUS BUSINESS NAME STATEMENT

File No. 2024112800

The following person(s) is (are) doing business as JE ELECTRIC 11488 RIVERA RD WHITTIER, CA. 90606. Full name of registrant(s) is (are) HUGO OSWALDO CARTAGENA 11488 RIVERA RD WHITTIER, CA. 90606. This business is conducted by: AN INDIVIDUAL. Signed: HUGO OSWALDO CARTAGENA/OWNER. This statement was filed with the County Clerk of Los Angeles County on 05/31/2024. The registrant(s) has (have) commenced to transact business under the fictitious business name or names listed above on 05/2024. NOTICE- This Fictitious Name Statement expires five years from the date it was filed in the office of the County Clerk.

Publish: ES Mountain Views News. Dates Pub: June 15, 22, 29, July 6, 2024

FICTITIOUS BUSINESS NAME STATEMENT

File No. 2024136103

The following person(s) is (are) doing business as KEVINS TAILOR SHOP 135 S ROBERTSON BLVD LOS ANGELES, CA. 90048. LOS ANGELES COUNTY. Full name of registrant(s) is (are) HEIDY SUCELY CAMACHO GARCIA 135 S ROBERTSON BLVD LOS ANGELES, CA. 90048. This business is conducted by: INDIVIDUAL. Signed: HEIDY SUCELY CAMACHO GARCIA OWNER. This statement was filed with the County Clerk of Los Angeles County on 06/20/2024. The registrant(s) has (have) commenced to transact business under the fictitious business name or names listed above on 06/2024.

Publish: ES Mountain Views News. Dates Pub: June 15, 22, 29, July 6, 2024

FICTITIOUS BUSINESS NAME STATEMENT

File No. 2024129656

The following person(s) is (are) doing business as NUEVA PARTHENIA 14730 PARTHENIA ST APT 225 PANORAMA CITY, CA. 91402. Full name of registrant(s) is (are) NORA JIMENEZ GUTIERREZ 14730 PARTHENIA ST APT 225 PANORAMA CITY, CA. 91402. This business is conducted by: INDIVIDUAL. Signed: NORA JIMENEZ GUTIERREZ OWNER. This statement was filed with the County Clerk of Los Angeles County on 06/17/2024. The registrant(s) has (have) commenced to transact business under the fictitious business name or names listed above on 06/2024.

Publish: ES Mountain Views News. Dates Pub: June 15, 22, 29, July 6, 2024

FICTITIOUS BUSINESS NAME STATEMENT

File No. 2024127044

The following person(s) is (are) doing business as LA INSTITUTE CARS 13006 CASSIUS COLEY CANYON CA. 91342. Full name of registrant(s) is (are) ANGEL ALVAREZ GONZALEZ AND ANGEL ALVAREZ GONZALEZ.

was filed in the office of the County Clerk. A new Fictitious Business Name Statement must be filed prior to that date. The filing of this statement does not of itself authorize the use in this state of a Fictitious Business Name in violation of the rights of another under Federal, State, or common law (See section 14411 et seq. Business and Professions Code)

Publish: ES Mountain Views News. Dates Pub: June 15, 22, 29, July 6, 2024

FICTITIOUS BUSINESS NAME STATEMENT

File No. 2024130384

The following person(s) is (are) doing business as ANDINO HOME REPAIRS 10808 DE HAVEN AVE PACOIMA, CA. 91331 LOS ANGELES COUNTY. Full name of registrant(s) is (are) FRANCISCO VIRGILIO CANALES ANDINO 10808 DE HAVEN AVE PACOIMA, CA. 91331. This business is conducted by: INDIVIDUAL. Signed: FRANCISCO VIRGILIO CANALES ANDINO OWNER. This statement was filed with the County Clerk of Los Angeles County on 06/19/2024. The registrant(s) has (have) commenced to transact business under the fictitious business name or names listed above on 06/2024. NOTICE- This Fictitious Name Statement expires five years from the date it was filed in the office of the County Clerk. A new Fictitious Business Name Statement must be filed prior to that date.

Publish: ES Mountain Views News. Dates Pub: June 15, 22, 29, July 6, 2024

FICTITIOUS BUSINESS NAME STATEMENT

File No. 2024131923

The following person(s) is (are) doing business as TAXCENTER GUATEMALA CUBEANO 7326 VARIEL AVE APT 7 CANOGA PARK, CA. 91303. Full name of registrant(s) is (are) PEDRO FRANCISCO TAX ROSALES 7326 VARIEL AVE APT 7 CANOGA PARK, CA. 91303. This business is conducted by: AN INDIVIDUAL. Signed: PEDRO FRANCISCO TAX ROSALES OWNER. This statement was filed with the County Clerk of Los Angeles County on 06/20/2024. The registrant(s) has (have) commenced to transact business under the fictitious business name or names listed above on 06/2024.

Publish: ES Mountain Views News. Dates Pub: June 15, 22, 29, July 6, 2024

FICTITIOUS BUSINESS NAME STATEMENT

File No. 2024131379

The following person(s) is (are) doing business as BREAKFAST LEAF A PRODUCTION 15039 BURBANK BLVD #102 VAN NUYS, CA. 91411. LOS ANGELES COUNTY. Full name of registrant(s) is (are) BARAK ARKENAZI 15039 BURBANK BLVD #102 VAN NUYS, CA. 91411. This business is conducted by: AN INDIVIDUAL. Signed: BARAK ARKENAZI OWNER. This statement was filed with the County Clerk of Los Angeles County on 06/20/2024. The registrant(s) has (have) commenced to transact business under the fictitious business name or names listed above on 06/2024.

Publish: ES Mountain Views News. Dates Pub: June 15, 22, 29, July 6, 2024

FICTITIOUS BUSINESS NAME STATEMENT

File No. 2024131985

The following person(s) is (are) doing business as APT INVESTMENTS 7000 VAN NUYS ST APT 15 VAN NUYS, CA. 91406. LOS ANGELES COUNTY. Full name of registrant(s) is (are) MARK MENA 7000 VAN NUYS ST APT 15 VAN NUYS, CA. 91406. This business is conducted by: AN INDIVIDUAL. Signed: MARK MENA, OWNER. This statement was filed with the County Clerk of Los Angeles County on 06/20/2024. The registrant(s) has (have) commenced to transact business under the fictitious business name or names listed above on 06/2024. NOTICE- This Fictitious Name Statement expires five years from the date it was filed in the office of the County Clerk.

Publish: ES Mountain Views News. Dates Pub: June 15, 22, 29, July 6, 2024

FICTITIOUS BUSINESS NAME STATEMENT

File No. 2024130377

The following person(s) is (are) doing business as CA'S PLUMBING 318 8TH ST ALHAMBRA, CA. 91801. Full name of registrant(s) is (are) CARLOS ANTONIO ROSAS 318 8TH ST ALHAMBRA, CA. 91801. This business is conducted by: AN INDIVIDUAL. Signed: CARLOS ANTONIO ROSAS OWNER. This statement was filed with the County Clerk of Los Angeles County on 06/19/2024. The registrant(s) has (have) commenced to transact business under the fictitious business name or names listed above on 06/2023.

Publish: ES Mountain Views News. Dates Pub: June 15, 22, 29, July 6, 2024

FICTITIOUS BUSINESS NAME STATEMENT

File No. 2024129555

The following person(s) is (are) doing business as RUBE'S CUSTOM FRAMING 2205 S SEPULVEDA BLVD LOS ANGELES, CA. 90025. Full name of registrant(s) is (are) RUBEN EDUARDO PERALTA GARCIA 2205 S SEPULVEDA BLVD LOS ANGELES, CA. 90025. This business is conducted by: AN INDIVIDUAL. Signed: RUBEN EDUARDO PERALTA GARCIA, OWNER. This statement was filed with the County Clerk of Los Angeles County on 06/17/2024.

Publish: ES Mountain Views News. Dates Pub: June 15, 22, 29, July 6, 2024

FICTITIOUS BUSINESS NAME STATEMENT

File No. 2024-125027

The following person(s) is (are) doing business as ROBERT REED TRUCKING. 2215 PENN MAR AVE, SOUTH EL MONTE, CA 91733. Full name of registrant(s) is (are) ROBERT REED BROWNWEN. 2215 PENN MAR AVE. SOUTH EL MONTE, CA 91733. This business is conducted by: AN INDIVIDUAL. Signed: ROBERT REED BROWNWEN/OWNER. This statement was filed with the County Clerk of Los Angeles County on 06/12/2024.

Publish: JUN 22, 29, JUL 06, 13, 2024

FICTITIOUS BUSINESS NAME STATEMENT

File No. 2024-125168

The following person(s) is (are) doing business as ADMAX MARKETING. 1600 W 52ND ST. LOS ANGELES, CA 90062. Full name of registrant(s) is (are) ADMAX MARKETING, INC. 1600 W 52ND ST. LOS ANGELES, CA 90062. This business is conducted by: A CORPORATION. Signed: CESAR RICARDO MENCHU BARRANCOS/PRESIDENT. This statement was filed with the County Clerk of Los Angeles County on 06/12/2024.

Publish: JUN 22, 29, JUL 06, 13, 2024

FICTITIOUS BUSINESS NAME STATEMENT

File No. 2024-125474

The following person(s) is (are) doing business as IRIS NAIL LOUNGE. 1725 S CATALINA AVE. REDONDO BEACH, CA 90277. Full name of registrant(s) is (are) ASI INVESTMENT TRADING INC. This business is conducted by: A CORPORATION. Signed: ANNIE PHO-CEO. This statement was filed with the County Clerk of Los Angeles County on 06/12/2024.

Publish: JUN 22, 29, JUL 06, 13, 2024

FICTITIOUS BUSINESS NAME STATEMENT

File No. 2024-124841

The following person(s) is (are) doing business as BOBCAT'S PLUMBING & HEATING. 960 W 82ND ST # 161 LOS ANGELES, CA 90044.

Mountain View News 80 W Sierra Madre Blvd. No. 327 Sierra Madre, Ca. 91024 Office: 626.355.2737 Fax: 626.609.3285 Email: editor@mtnviewsnews.com Website: www.mtnviewsnews.com
